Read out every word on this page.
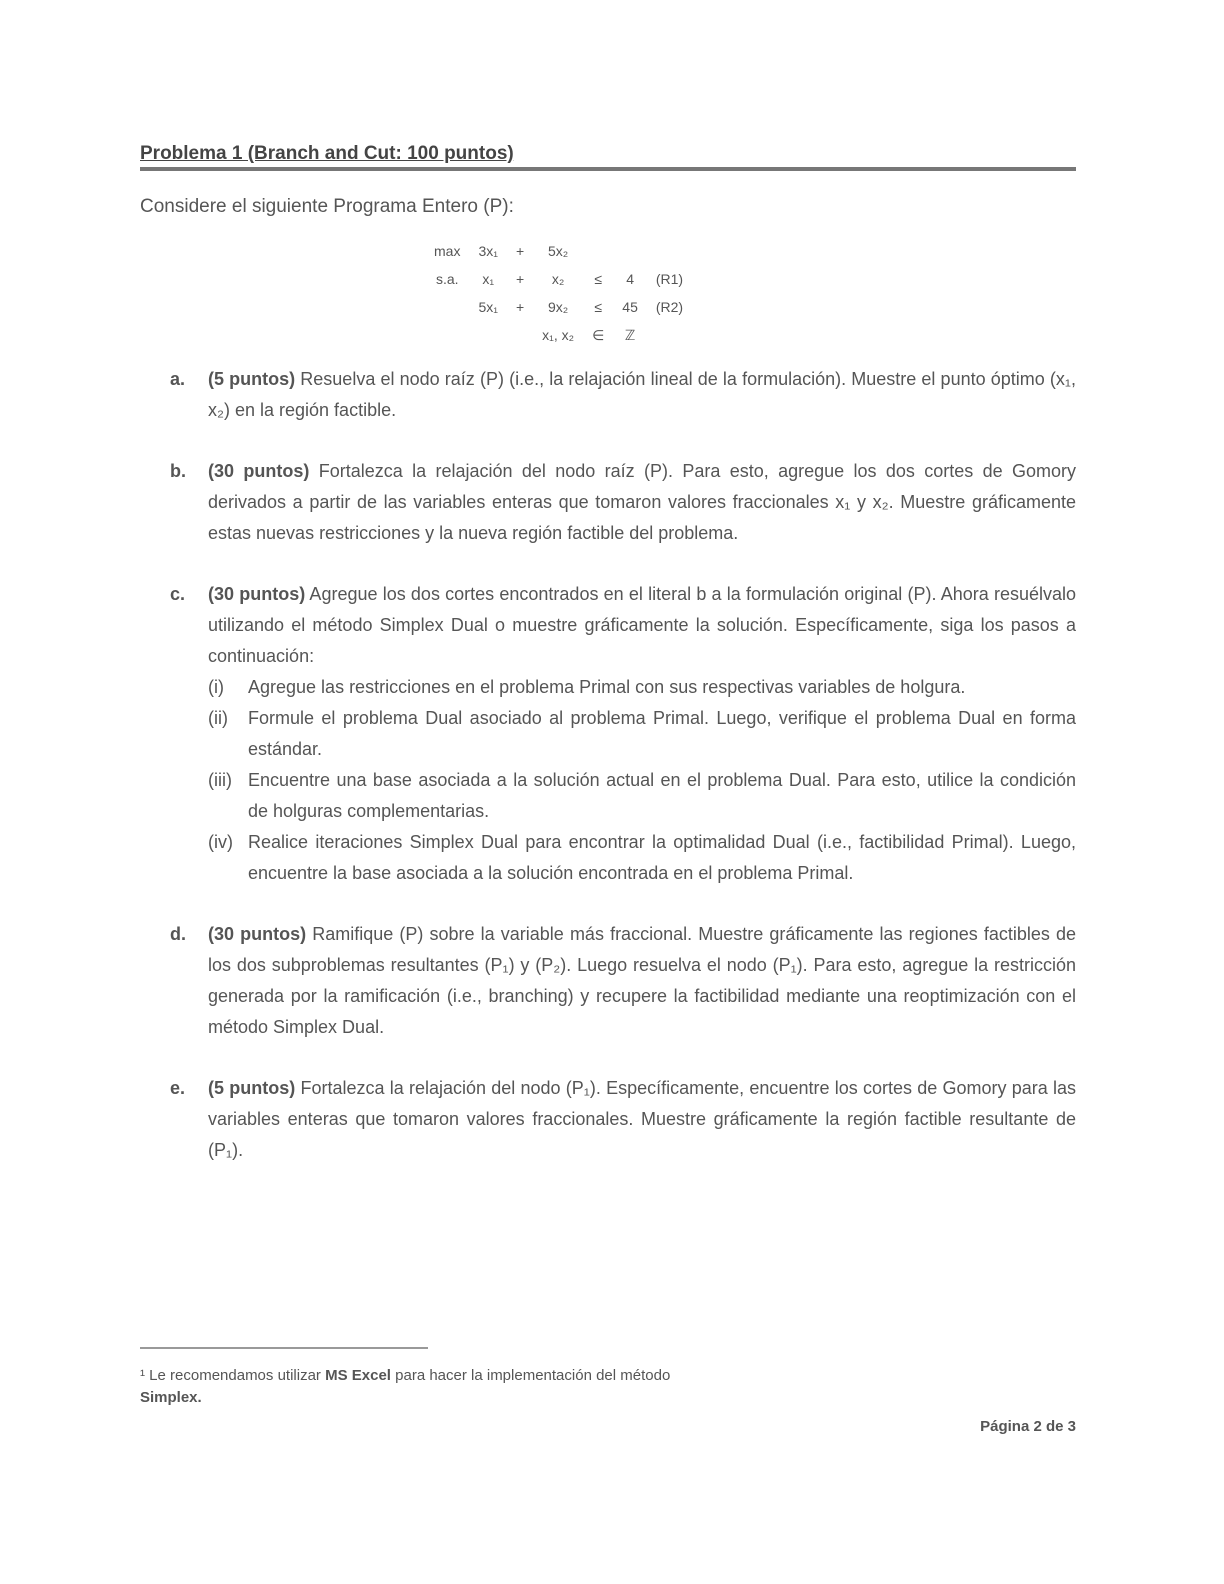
Problema 1 (Branch and Cut: 100 puntos)
Considere el siguiente Programa Entero (P):
max	3x₁	+	5x₂			
s.a.	x₁	+	x₂	≤	4	(R1)
	5x₁	+	9x₂	≤	45	(R2)
			x₁, x₂	∈	ℤ	
a.	(5 puntos) Resuelva el nodo raíz (P) (i.e., la relajación lineal de la formulación). Muestre el punto óptimo (x₁, x₂) en la región factible.
b.	(30 puntos) Fortalezca la relajación del nodo raíz (P). Para esto, agregue los dos cortes de Gomory derivados a partir de las variables enteras que tomaron valores fraccionales x₁ y x₂. Muestre gráficamente estas nuevas restricciones y la nueva región factible del problema.
c.	(30 puntos) Agregue los dos cortes encontrados en el literal b a la formulación original (P). Ahora resuélvalo utilizando el método Simplex Dual o muestre gráficamente la solución. Específicamente, siga los pasos a continuación:
(i)	Agregue las restricciones en el problema Primal con sus respectivas variables de holgura.
(ii)	Formule el problema Dual asociado al problema Primal. Luego, verifique el problema Dual en forma estándar.
(iii) Encuentre una base asociada a la solución actual en el problema Dual. Para esto, utilice la condición de holguras complementarias.
(iv) Realice iteraciones Simplex Dual para encontrar la optimalidad Dual (i.e., factibilidad Primal). Luego, encuentre la base asociada a la solución encontrada en el problema Primal.
d.	(30 puntos) Ramifique (P) sobre la variable más fraccional. Muestre gráficamente las regiones factibles de los dos subproblemas resultantes (P₁) y (P₂). Luego resuelva el nodo (P₁). Para esto, agregue la restricción generada por la ramificación (i.e., branching) y recupere la factibilidad mediante una reoptimización con el método Simplex Dual.
e.	(5 puntos) Fortalezca la relajación del nodo (P₁). Específicamente, encuentre los cortes de Gomory para las variables enteras que tomaron valores fraccionales. Muestre gráficamente la región factible resultante de (P₁).
¹ Le recomendamos utilizar MS Excel para hacer la implementación del método
Simplex.
Página 2 de 3
